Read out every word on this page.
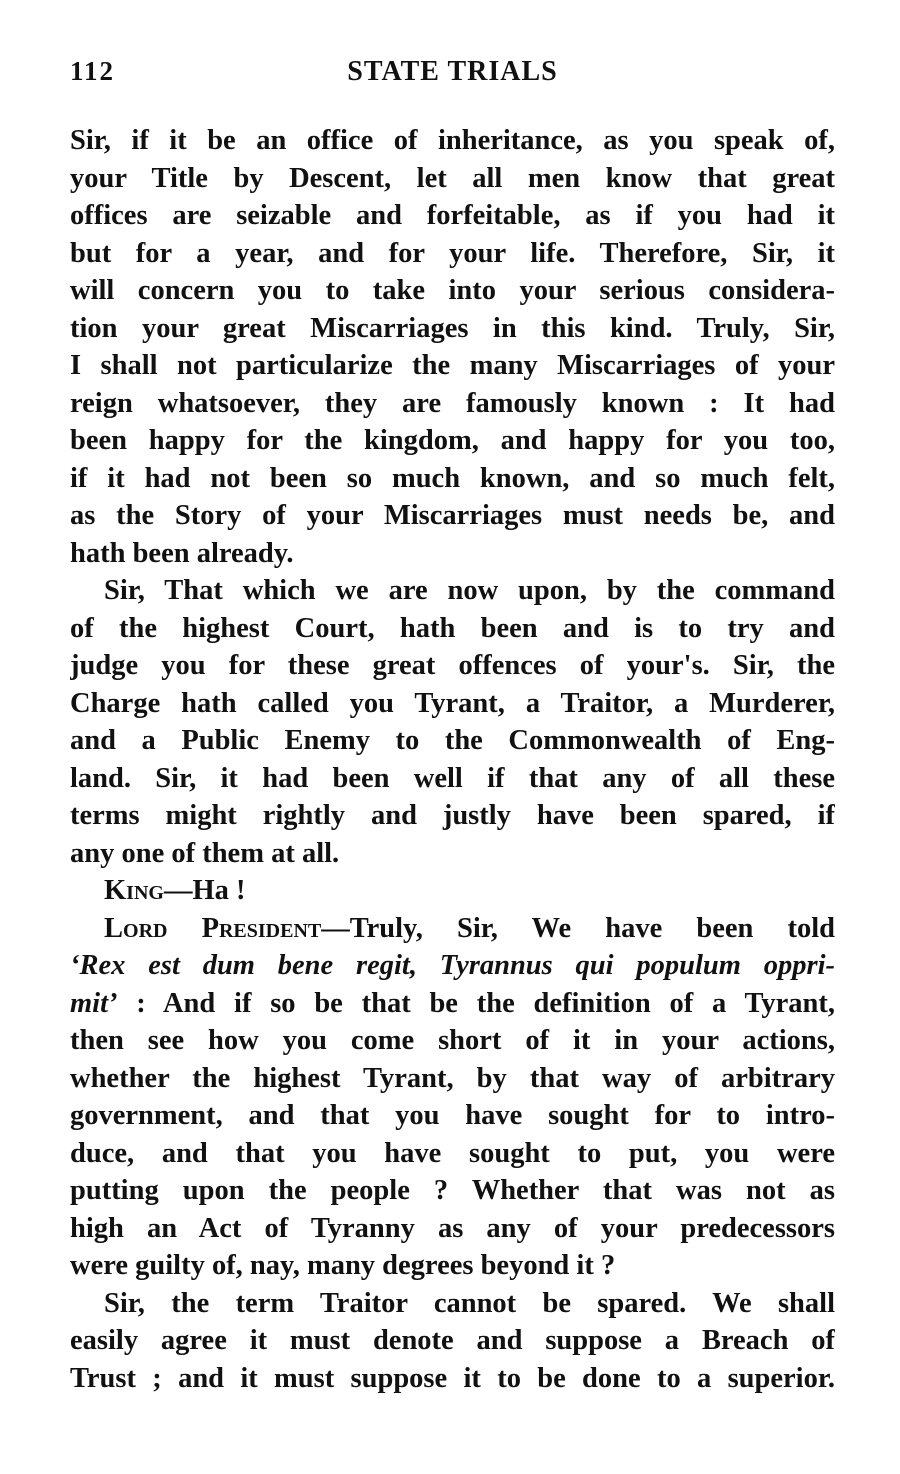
112	STATE TRIALS
Sir, if it be an office of inheritance, as you speak of,
your Title by Descent, let all men know that great
offices are seizable and forfeitable, as if you had it
but for a year, and for your life. Therefore, Sir, it
will concern you to take into your serious considera-
tion your great Miscarriages in this kind. Truly, Sir,
I shall not particularize the many Miscarriages of your
reign whatsoever, they are famously known : It had
been happy for the kingdom, and happy for you too,
if it had not been so much known, and so much felt,
as the Story of your Miscarriages must needs be, and
hath been already.
Sir, That which we are now upon, by the command
of the highest Court, hath been and is to try and
judge you for these great offences of your's. Sir, the
Charge hath called you Tyrant, a Traitor, a Murderer,
and a Public Enemy to the Commonwealth of Eng-
land. Sir, it had been well if that any of all these
terms might rightly and justly have been spared, if
any one of them at all.
King—Ha !
Lord President—Truly, Sir, We have been told
‘Rex est dum bene regit, Tyrannus qui populum oppri-
mit’ : And if so be that be the definition of a Tyrant,
then see how you come short of it in your actions,
whether the highest Tyrant, by that way of arbitrary
government, and that you have sought for to intro-
duce, and that you have sought to put, you were
putting upon the people ? Whether that was not as
high an Act of Tyranny as any of your predecessors
were guilty of, nay, many degrees beyond it ?
Sir, the term Traitor cannot be spared. We shall
easily agree it must denote and suppose a Breach of
Trust ; and it must suppose it to be done to a superior.
